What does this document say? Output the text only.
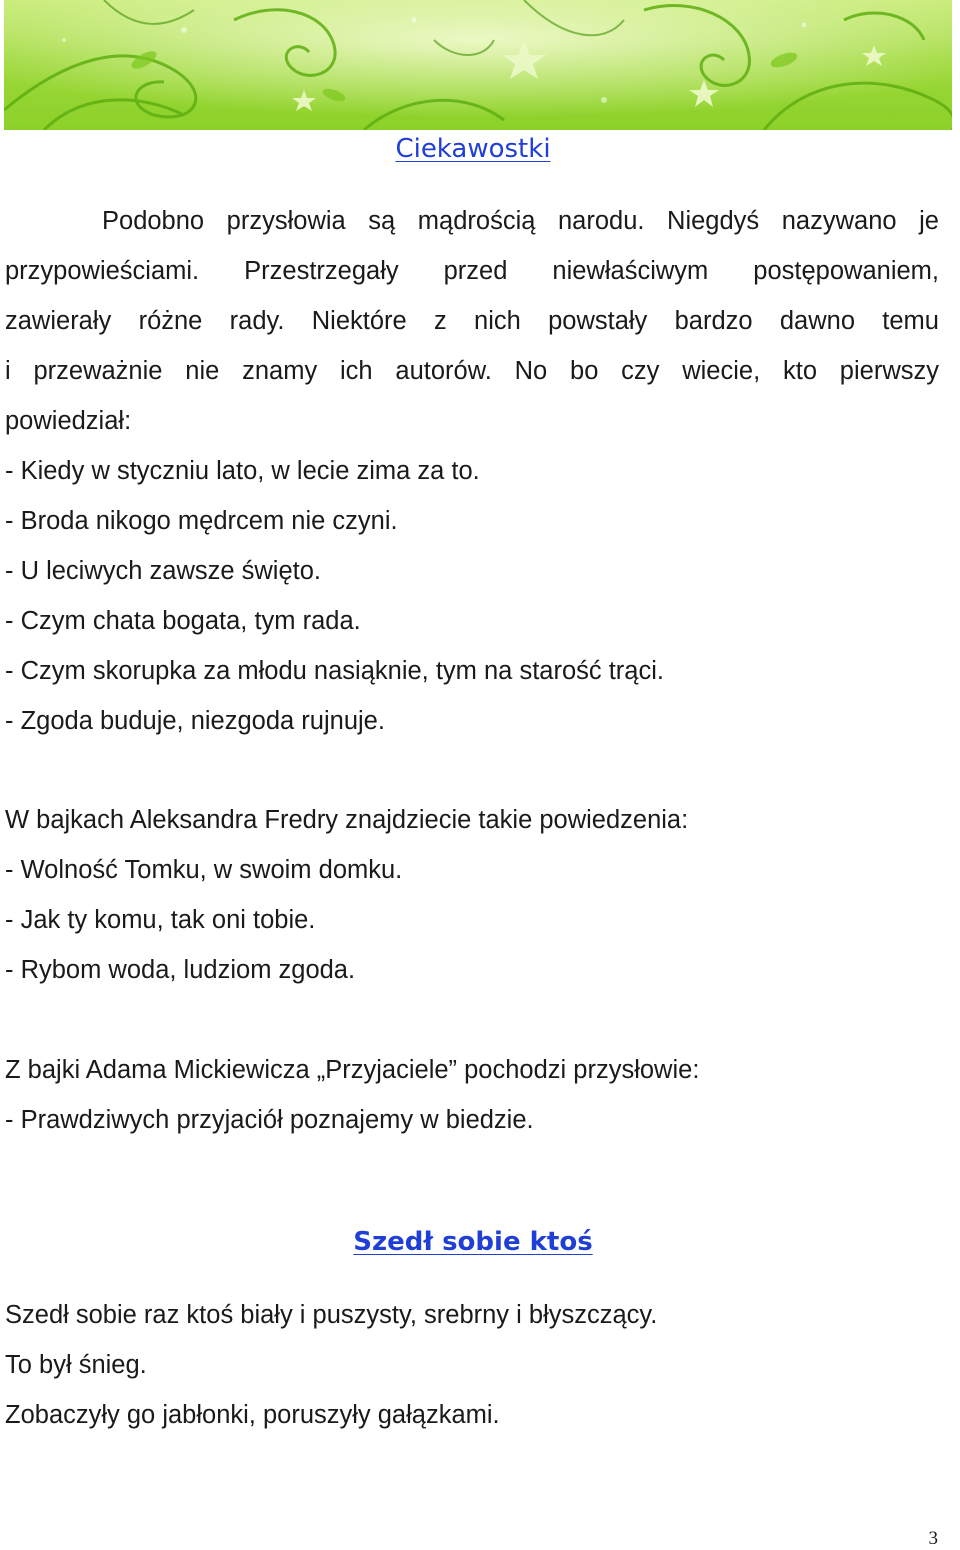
Ciekawostki
Podobno przysłowia są mądrością narodu. Niegdyś nazywano je
przypowieściami. Przestrzegały przed niewłaściwym postępowaniem,
zawierały różne rady. Niektóre z nich powstały bardzo dawno temu
i przeważnie nie znamy ich autorów. No bo czy wiecie, kto pierwszy
powiedział:
- Kiedy w styczniu lato, w lecie zima za to.
- Broda nikogo mędrcem nie czyni.
- U leciwych zawsze święto.
- Czym chata bogata, tym rada.
- Czym skorupka za młodu nasiąknie, tym na starość trąci.
- Zgoda buduje, niezgoda rujnuje.
W bajkach Aleksandra Fredry znajdziecie takie powiedzenia:
- Wolność Tomku, w swoim domku.
- Jak ty komu, tak oni tobie.
- Rybom woda, ludziom zgoda.
Z bajki Adama Mickiewicza „Przyjaciele” pochodzi przysłowie:
- Prawdziwych przyjaciół poznajemy w biedzie.
Szedł sobie ktoś
Szedł sobie raz ktoś biały i puszysty, srebrny i błyszczący.
To był śnieg.
Zobaczyły go jabłonki, poruszyły gałązkami.
3
